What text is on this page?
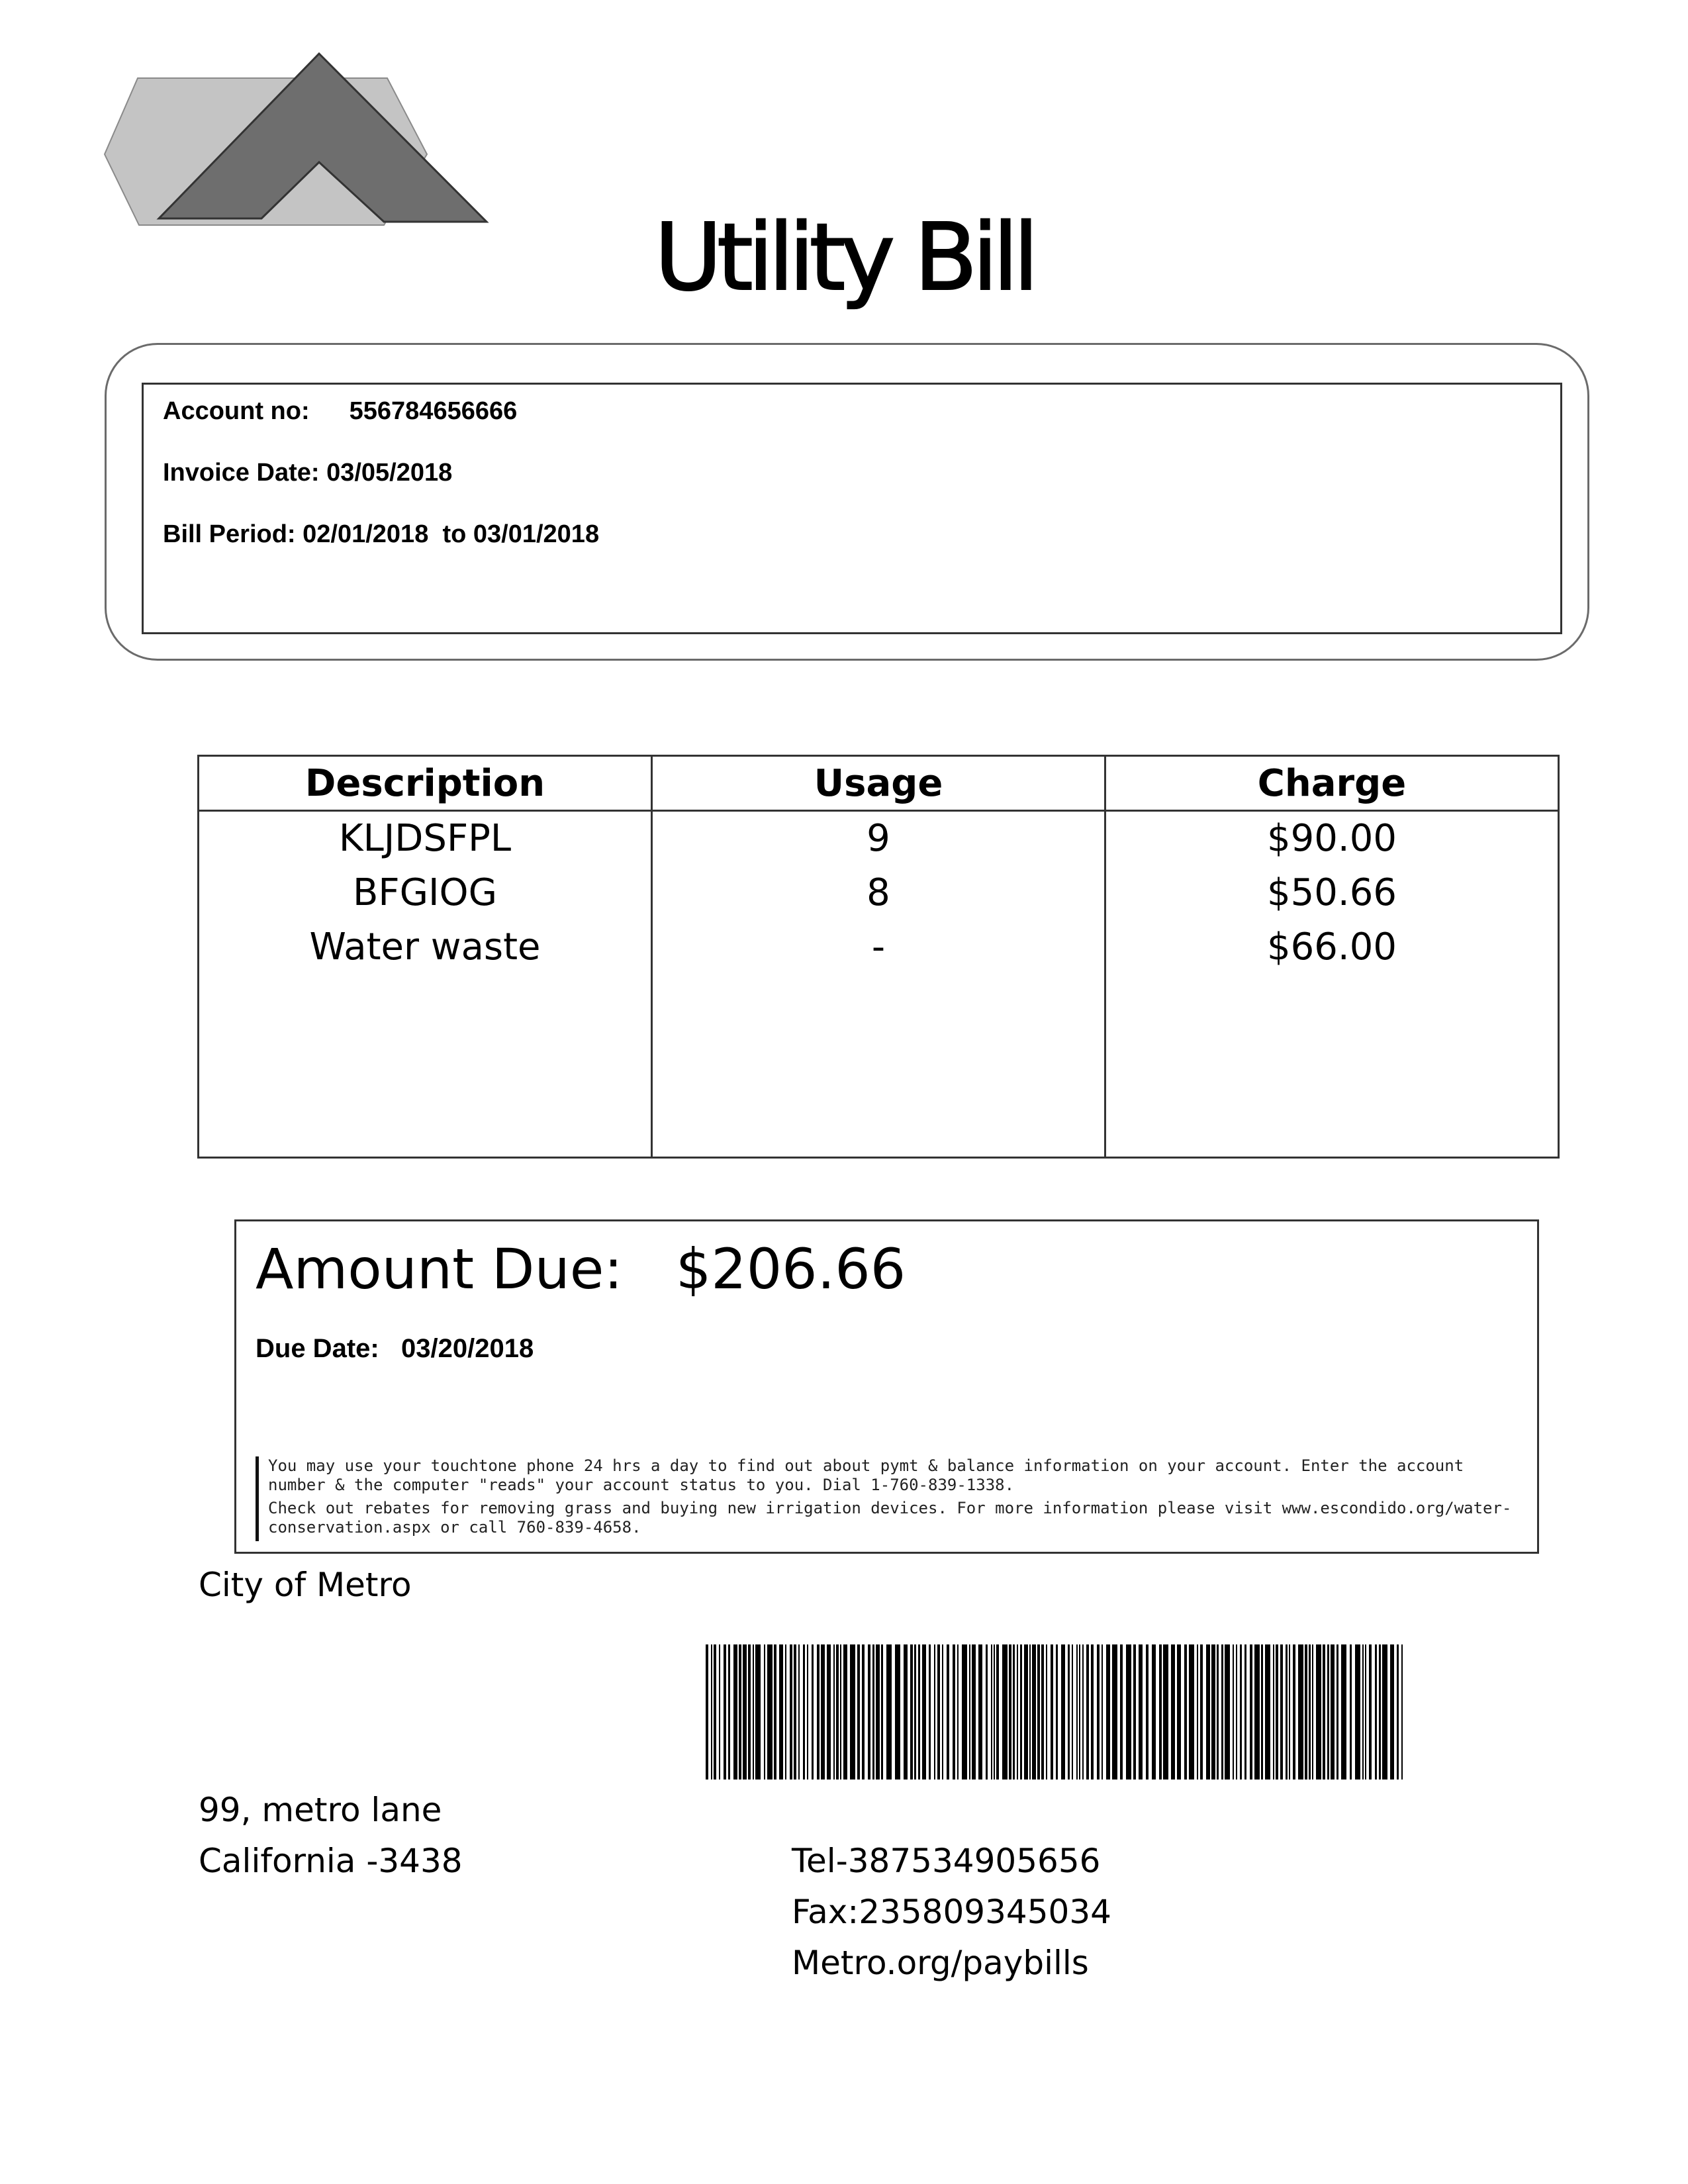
Utility Bill
Account no: 556784656666
Invoice Date: 03/05/2018
Bill Period: 02/01/2018 to 03/01/2018
Description	Usage	Charge
KLJDSFPL	9	$90.00
BFGIOG	8	$50.66
Water waste	-	$66.00

Amount Due: $206.66
Due Date: 03/20/2018

You may use your touchtone phone 24 hrs a day to find out about pymt & balance information on your account. Enter the account number & the computer "reads" your account status to you. Dial 1-760-839-1338.

Check out rebates for removing grass and buying new irrigation devices. For more information please visit www.escondido.org/water-conservation.aspx or call 760-839-4658.

City of Metro
99, metro lane
California -3438	Tel-387534905656
Fax:235809345034
Metro.org/paybills
